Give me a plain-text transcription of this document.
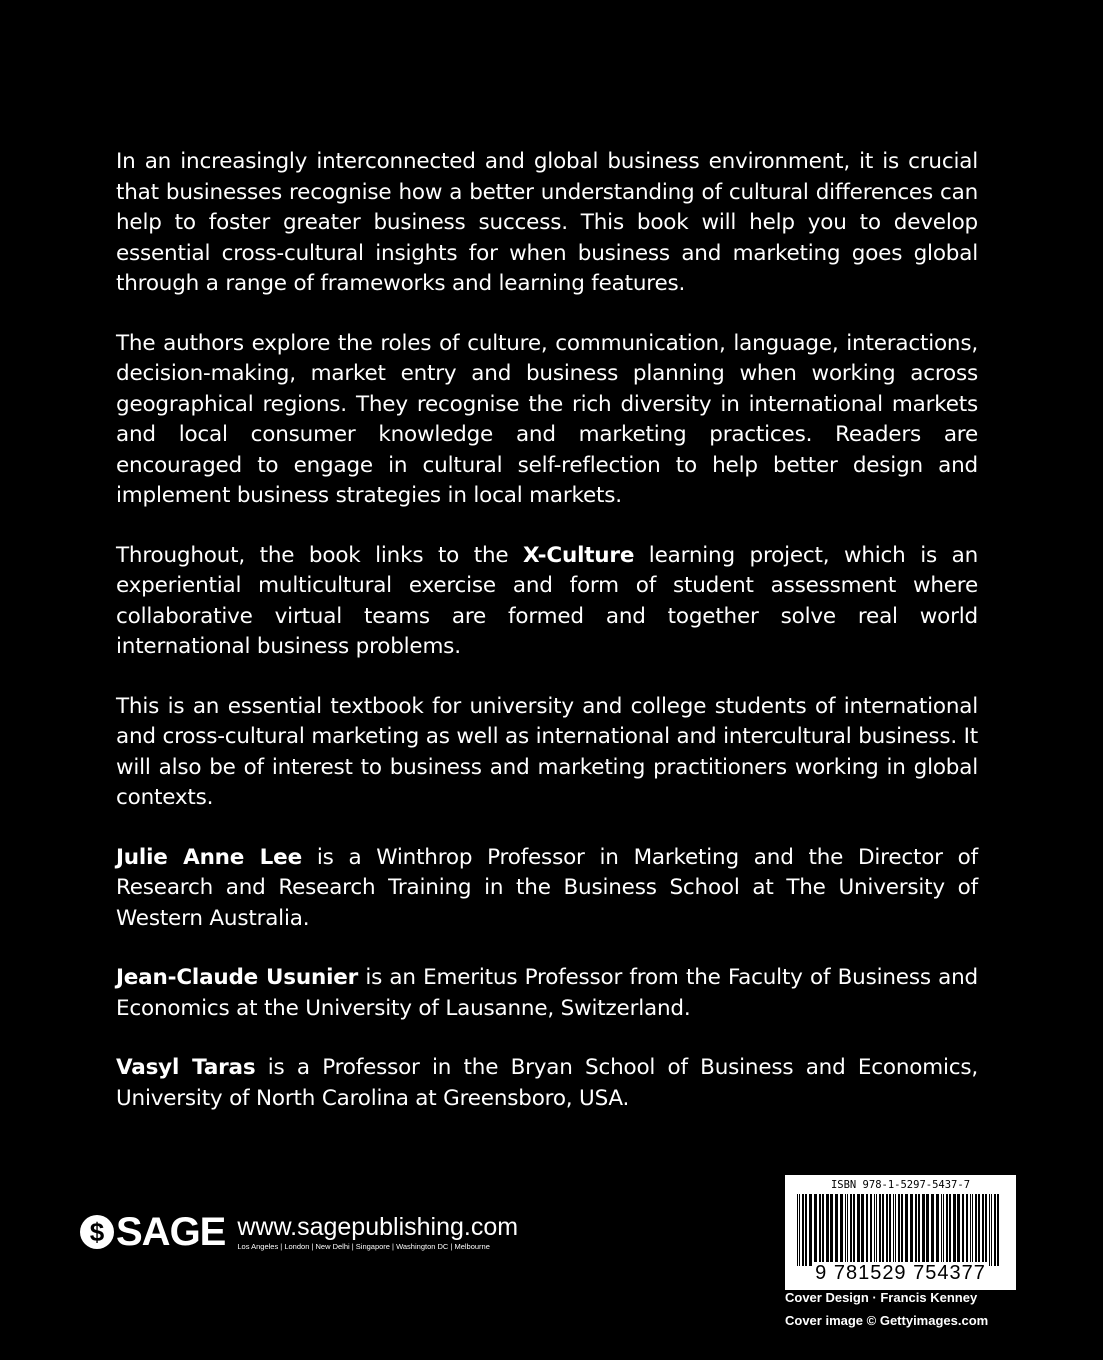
In an increasingly interconnected and global business environment, it is crucial that businesses recognise how a better understanding of cultural differences can help to foster greater business success. This book will help you to develop essential cross-cultural insights for when business and marketing goes global through a range of frameworks and learning features.

The authors explore the roles of culture, communication, language, interactions, decision-making, market entry and business planning when working across geographical regions. They recognise the rich diversity in international markets and local consumer knowledge and marketing practices. Readers are encouraged to engage in cultural self-reflection to help better design and implement business strategies in local markets.

Throughout, the book links to the X-Culture learning project, which is an experiential multicultural exercise and form of student assessment where collaborative virtual teams are formed and together solve real world international business problems.

This is an essential textbook for university and college students of international and cross-cultural marketing as well as international and intercultural business. It will also be of interest to business and marketing practitioners working in global contexts.

Julie Anne Lee is a Winthrop Professor in Marketing and the Director of Research and Research Training in the Business School at The University of Western Australia.

Jean-Claude Usunier is an Emeritus Professor from the Faculty of Business and Economics at the University of Lausanne, Switzerland.

Vasyl Taras is a Professor in the Bryan School of Business and Economics, University of North Carolina at Greensboro, USA.

$ SAGE www.sagepublishing.com
Los Angeles | London | New Delhi | Singapore | Washington DC | Melbourne
ISBN 978-1-5297-5437-7
9 781529 754377
Cover Design · Francis Kenney
Cover image © Gettyimages.com
